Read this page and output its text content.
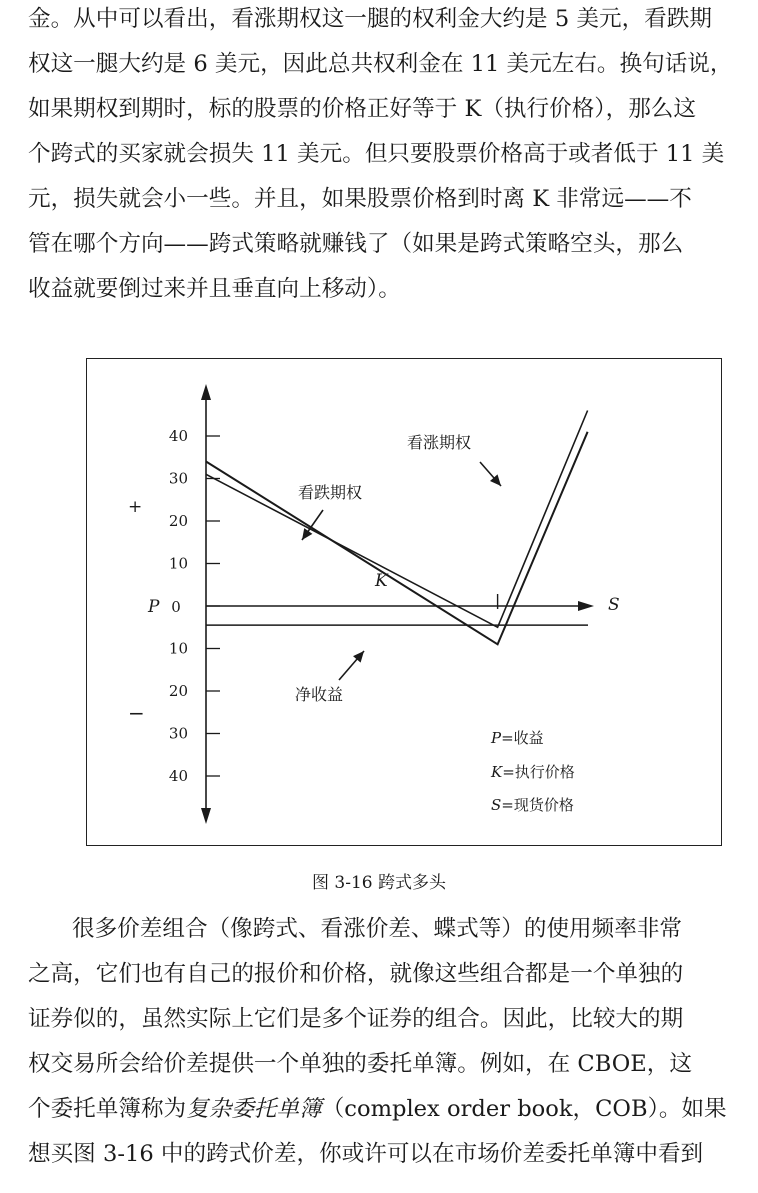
金。从中可以看出，看涨期权这一腿的权利金大约是 5 美元，看跌期
权这一腿大约是 6 美元，因此总共权利金在 11 美元左右。换句话说，
如果期权到期时，标的股票的价格正好等于 K（执行价格），那么这
个跨式的买家就会损失 11 美元。但只要股票价格高于或者低于 11 美
元，损失就会小一些。并且，如果股票价格到时离 K 非常远——不
管在哪个方向——跨式策略就赚钱了（如果是跨式策略空头，那么
收益就要倒过来并且垂直向上移动）。
40
30
20
10
10
20
30
40
+
−
P 0	S
K
看涨期权
看跌期权
净收益
P=收益
K=执行价格
S=现货价格
图 3-16 跨式多头
很多价差组合（像跨式、看涨价差、蝶式等）的使用频率非常
之高，它们也有自己的报价和价格，就像这些组合都是一个单独的
证券似的，虽然实际上它们是多个证券的组合。因此，比较大的期
权交易所会给价差提供一个单独的委托单簿。例如，在 CBOE，这
个委托单簿称为复杂委托单簿（complex order book，COB）。如果
想买图 3-16 中的跨式价差，你或许可以在市场价差委托单簿中看到
